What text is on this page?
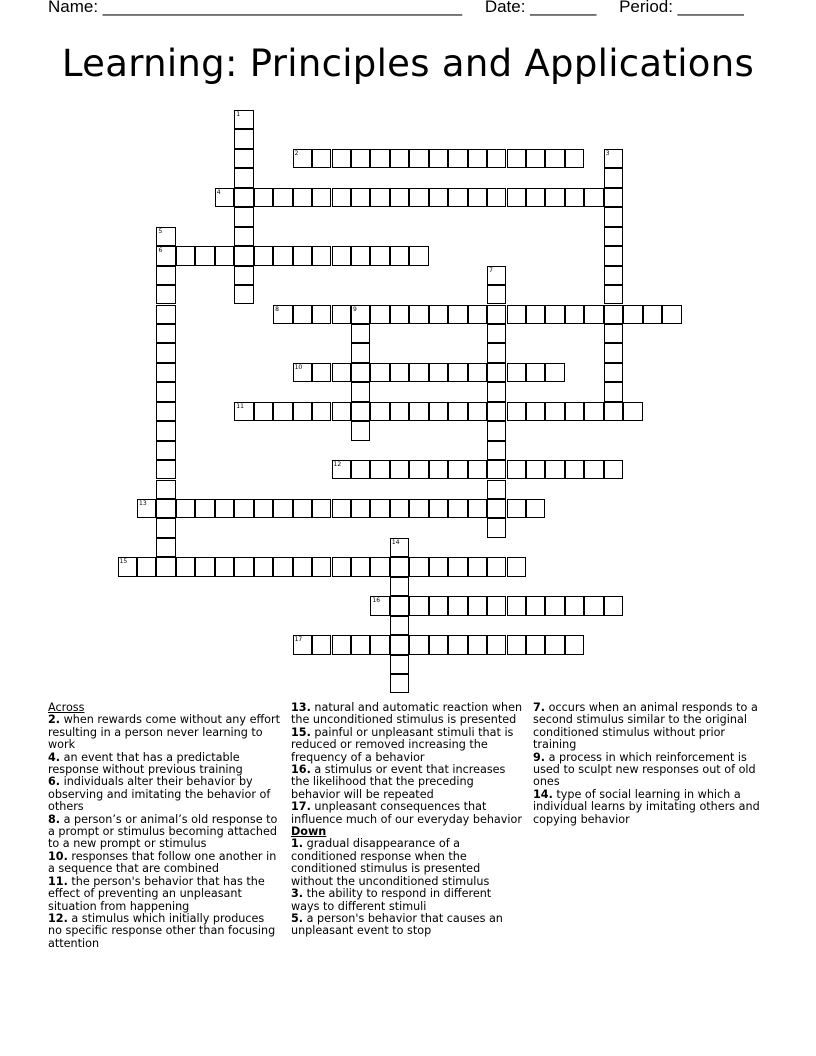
Name: ______________________________________ Date: _______ Period: _______
Learning: Principles and Applications
1
2	3
4
5
6
7
8	9
10
11
12
13
14
15
16
17
Across
2. when rewards come without any effort resulting in a person never learning to work
4. an event that has a predictable response without previous training
6. individuals alter their behavior by observing and imitating the behavior of others
8. a person’s or animal’s old response to a prompt or stimulus becoming attached to a new prompt or stimulus
10. responses that follow one another in a sequence that are combined
11. the person's behavior that has the effect of preventing an unpleasant situation from happening
12. a stimulus which initially produces no specific response other than focusing attention
13. natural and automatic reaction when the unconditioned stimulus is presented
15. painful or unpleasant stimuli that is reduced or removed increasing the frequency of a behavior
16. a stimulus or event that increases the likelihood that the preceding behavior will be repeated
17. unpleasant consequences that influence much of our everyday behavior
Down
1. gradual disappearance of a conditioned response when the conditioned stimulus is presented without the unconditioned stimulus
3. the ability to respond in different ways to different stimuli
5. a person's behavior that causes an unpleasant event to stop
7. occurs when an animal responds to a second stimulus similar to the original conditioned stimulus without prior training
9. a process in which reinforcement is used to sculpt new responses out of old ones
14. type of social learning in which a individual learns by imitating others and copying behavior
